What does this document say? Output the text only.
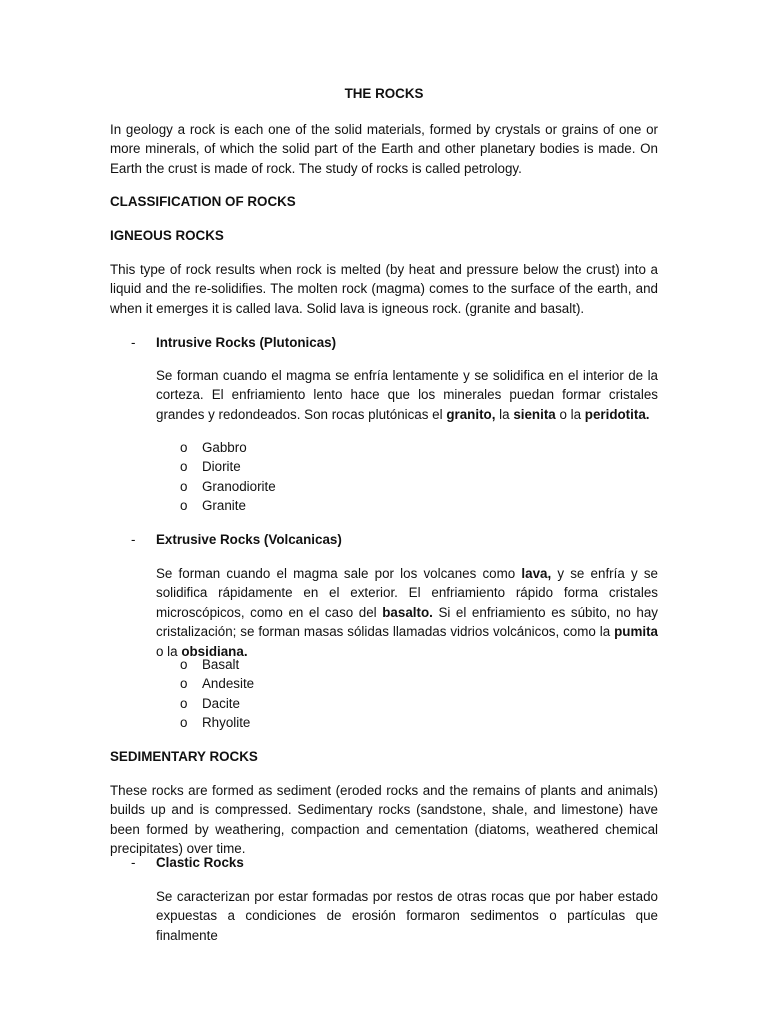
THE ROCKS

In geology a rock is each one of the solid materials, formed by crystals or grains of one or more minerals, of which the solid part of the Earth and other planetary bodies is made. On Earth the crust is made of rock. The study of rocks is called petrology.

CLASSIFICATION OF ROCKS

IGNEOUS ROCKS

This type of rock results when rock is melted (by heat and pressure below the crust) into a liquid and the re-solidifies. The molten rock (magma) comes to the surface of the earth, and when it emerges it is called lava. Solid lava is igneous rock. (granite and basalt).

- Intrusive Rocks (Plutonicas)

Se forman cuando el magma se enfría lentamente y se solidifica en el interior de la corteza. El enfriamiento lento hace que los minerales puedan formar cristales grandes y redondeados. Son rocas plutónicas el granito, la sienita o la peridotita.

o Gabbro
o Diorite
o Granodiorite
o Granite
- Extrusive Rocks (Volcanicas)

Se forman cuando el magma sale por los volcanes como lava, y se enfría y se solidifica rápidamente en el exterior. El enfriamiento rápido forma cristales microscópicos, como en el caso del basalto. Si el enfriamiento es súbito, no hay cristalización; se forman masas sólidas llamadas vidrios volcánicos, como la pumita o la obsidiana.

o Basalt
o Andesite
o Dacite
o Rhyolite

SEDIMENTARY ROCKS

These rocks are formed as sediment (eroded rocks and the remains of plants and animals) builds up and is compressed. Sedimentary rocks (sandstone, shale, and limestone) have been formed by weathering, compaction and cementation (diatoms, weathered chemical precipitates) over time.

- Clastic Rocks

Se caracterizan por estar formadas por restos de otras rocas que por haber estado expuestas a condiciones de erosión formaron sedimentos o partículas que finalmente
